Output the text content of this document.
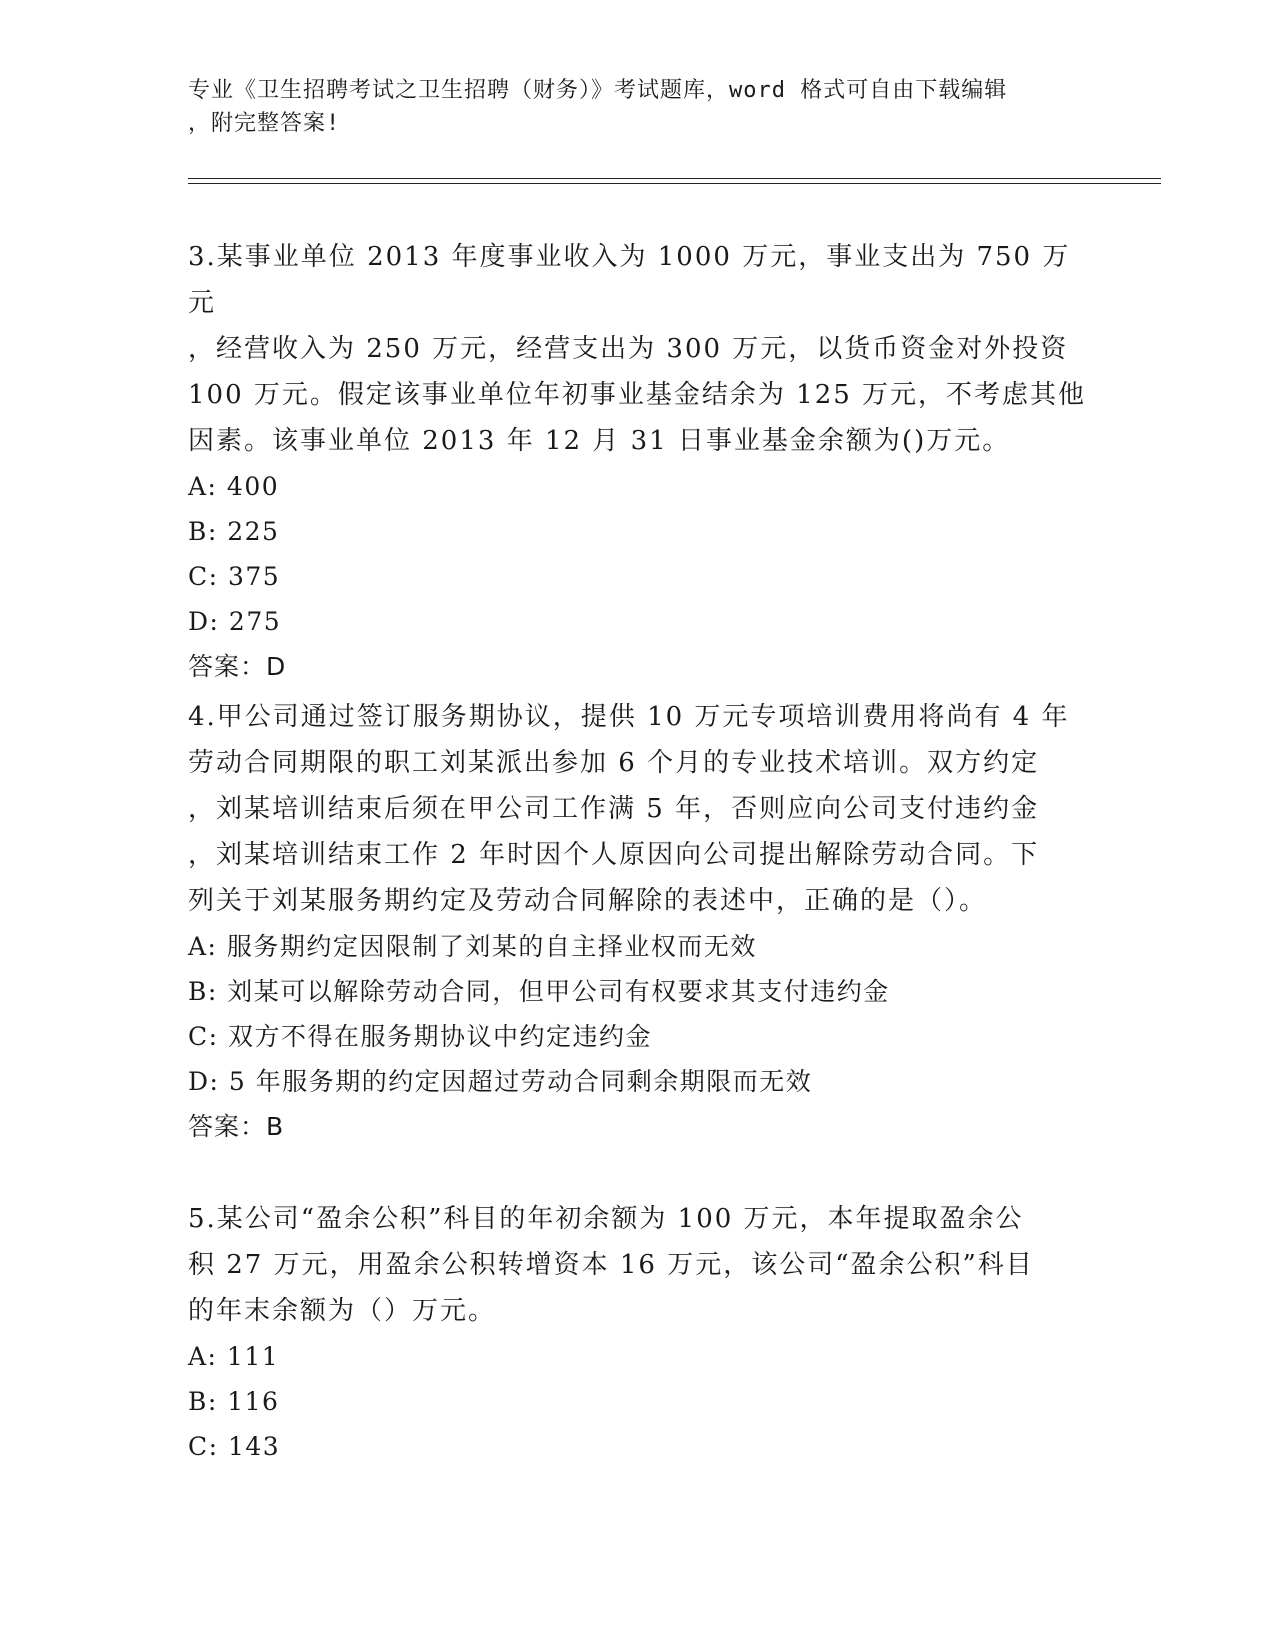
专业《卫生招聘考试之卫生招聘（财务）》考试题库，word 格式可自由下载编辑
，附完整答案!

3.某事业单位 2013 年度事业收入为 1000 万元，事业支出为 750 万元

，经营收入为 250 万元，经营支出为 300 万元，以货币资金对外投资

100 万元。假定该事业单位年初事业基金结余为 125 万元，不考虑其他

因素。该事业单位 2013 年 12 月 31 日事业基金余额为()万元。

A: 400

B: 225

C: 375

D: 275

答案：D

4.甲公司通过签订服务期协议，提供 10 万元专项培训费用将尚有 4 年

劳动合同期限的职工刘某派出参加 6 个月的专业技术培训。双方约定

，刘某培训结束后须在甲公司工作满 5 年，否则应向公司支付违约金

，刘某培训结束工作 2 年时因个人原因向公司提出解除劳动合同。下

列关于刘某服务期约定及劳动合同解除的表述中，正确的是（）。

A: 服务期约定因限制了刘某的自主择业权而无效

B: 刘某可以解除劳动合同，但甲公司有权要求其支付违约金

C: 双方不得在服务期协议中约定违约金

D: 5 年服务期的约定因超过劳动合同剩余期限而无效

答案：B

5.某公司“盈余公积”科目的年初余额为 100 万元，本年提取盈余公

积 27 万元，用盈余公积转增资本 16 万元，该公司“盈余公积”科目

的年末余额为（）万元。

A: 111

B: 116

C: 143
